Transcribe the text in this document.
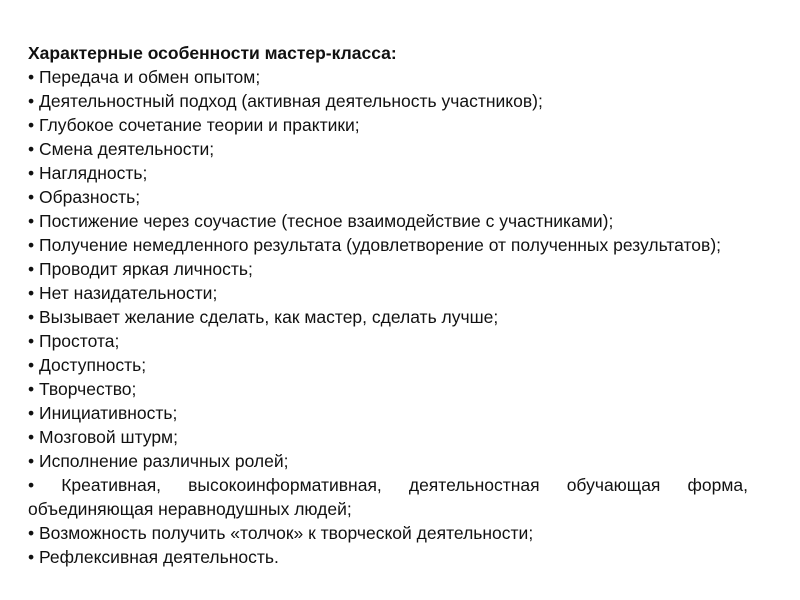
Характерные особенности мастер-класса:
• Передача и обмен опытом;
• Деятельностный подход (активная деятельность участников);
• Глубокое сочетание теории и практики;
• Смена деятельности;
• Наглядность;
• Образность;
• Постижение через соучастие (тесное взаимодействие с участниками);
• Получение немедленного результата (удовлетворение от полученных результатов);
• Проводит яркая личность;
• Нет назидательности;
• Вызывает желание сделать, как мастер, сделать лучше;
• Простота;
• Доступность;
• Творчество;
• Инициативность;
• Мозговой штурм;
• Исполнение различных ролей;
• Креативная, высокоинформативная, деятельностная обучающая форма, объединяющая неравнодушных людей;
• Возможность получить «толчок» к творческой деятельности;
• Рефлексивная деятельность.
